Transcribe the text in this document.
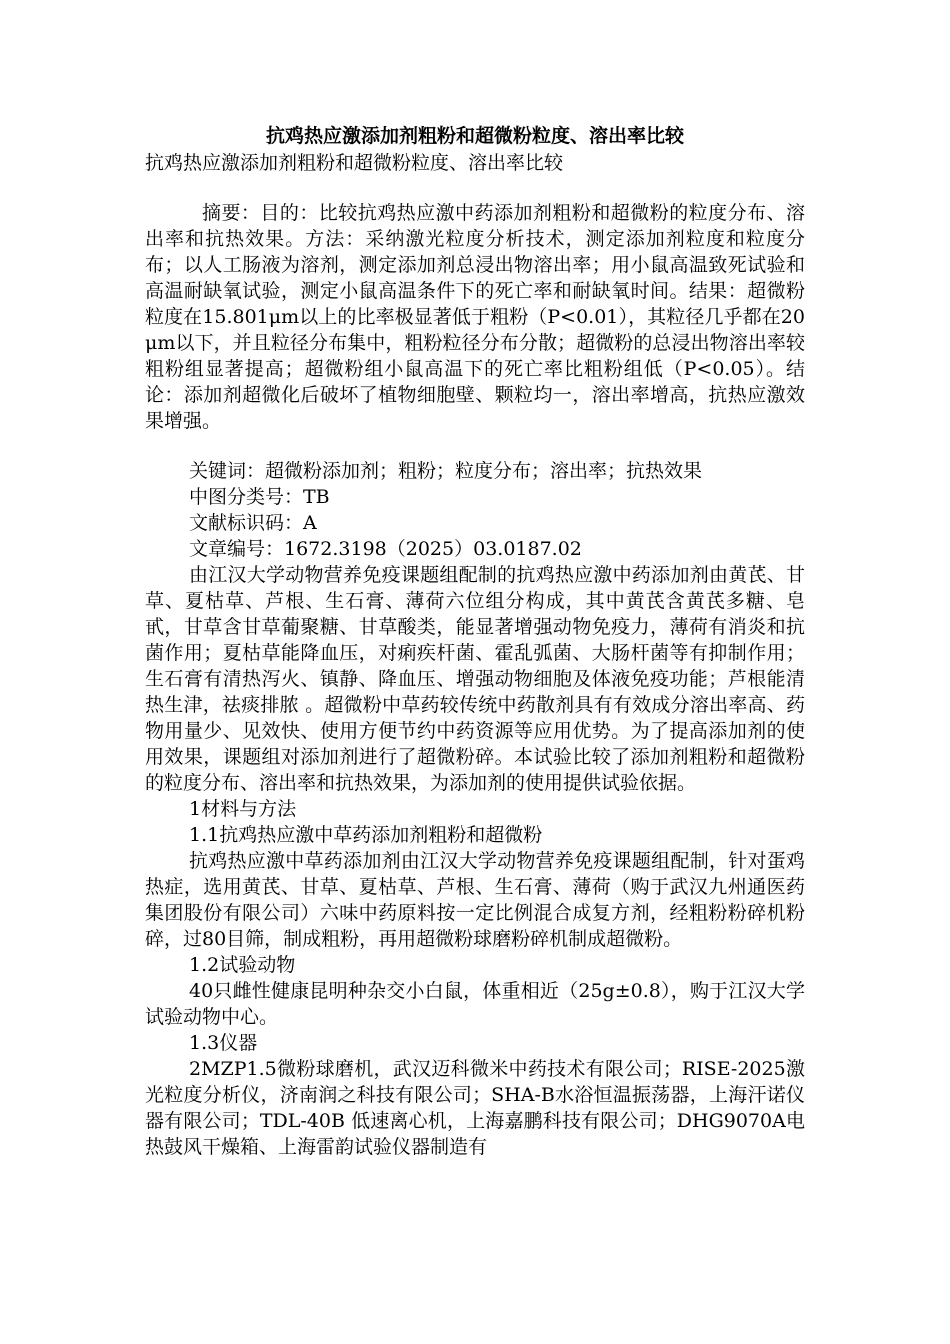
抗鸡热应激添加剂粗粉和超微粉粒度、溶出率比较
抗鸡热应激添加剂粗粉和超微粉粒度、溶出率比较

摘要：目的：比较抗鸡热应激中药添加剂粗粉和超微粉的粒度分布、溶出率和抗热效果。方法：采纳激光粒度分析技术，测定添加剂粒度和粒度分布；以人工肠液为溶剂，测定添加剂总浸出物溶出率；用小鼠高温致死试验和高温耐缺氧试验，测定小鼠高温条件下的死亡率和耐缺氧时间。结果：超微粉粒度在15.801μm以上的比率极显著低于粗粉（P<0.01），其粒径几乎都在20μm以下，并且粒径分布集中，粗粉粒径分布分散；超微粉的总浸出物溶出率较粗粉组显著提高；超微粉组小鼠高温下的死亡率比粗粉组低（P<0.05）。结论：添加剂超微化后破坏了植物细胞壁、颗粒均一，溶出率增高，抗热应激效果增强。

关键词：超微粉添加剂；粗粉；粒度分布；溶出率；抗热效果
中图分类号：TB
文献标识码：A
文章编号：1672.3198（2025）03.0187.02

由江汉大学动物营养免疫课题组配制的抗鸡热应激中药添加剂由黄芪、甘草、夏枯草、芦根、生石膏、薄荷六位组分构成，其中黄芪含黄芪多糖、皂甙，甘草含甘草葡聚糖、甘草酸类，能显著增强动物免疫力，薄荷有消炎和抗菌作用；夏枯草能降血压，对痢疾杆菌、霍乱弧菌、大肠杆菌等有抑制作用；生石膏有清热泻火、镇静、降血压、增强动物细胞及体液免疫功能；芦根能清热生津，祛痰排脓 。超微粉中草药较传统中药散剂具有有效成分溶出率高、药物用量少、见效快、使用方便节约中药资源等应用优势。为了提高添加剂的使用效果，课题组对添加剂进行了超微粉碎。本试验比较了添加剂粗粉和超微粉的粒度分布、溶出率和抗热效果，为添加剂的使用提供试验依据。

1材料与方法
1.1抗鸡热应激中草药添加剂粗粉和超微粉

抗鸡热应激中草药添加剂由江汉大学动物营养免疫课题组配制，针对蛋鸡热症，选用黄芪、甘草、夏枯草、芦根、生石膏、薄荷（购于武汉九州通医药集团股份有限公司）六味中药原料按一定比例混合成复方剂，经粗粉粉碎机粉碎，过80目筛，制成粗粉，再用超微粉球磨粉碎机制成超微粉。

1.2试验动物

40只雌性健康昆明种杂交小白鼠，体重相近（25g±0.8），购于江汉大学试验动物中心。

1.3仪器

2MZP1.5微粉球磨机，武汉迈科微米中药技术有限公司；RISE-2025激光粒度分析仪，济南润之科技有限公司；SHA-B水浴恒温振荡器，上海汗诺仪器有限公司；TDL-40B 低速离心机，上海嘉鹏科技有限公司；DHG9070A电热鼓风干燥箱、上海雷韵试验仪器制造有
